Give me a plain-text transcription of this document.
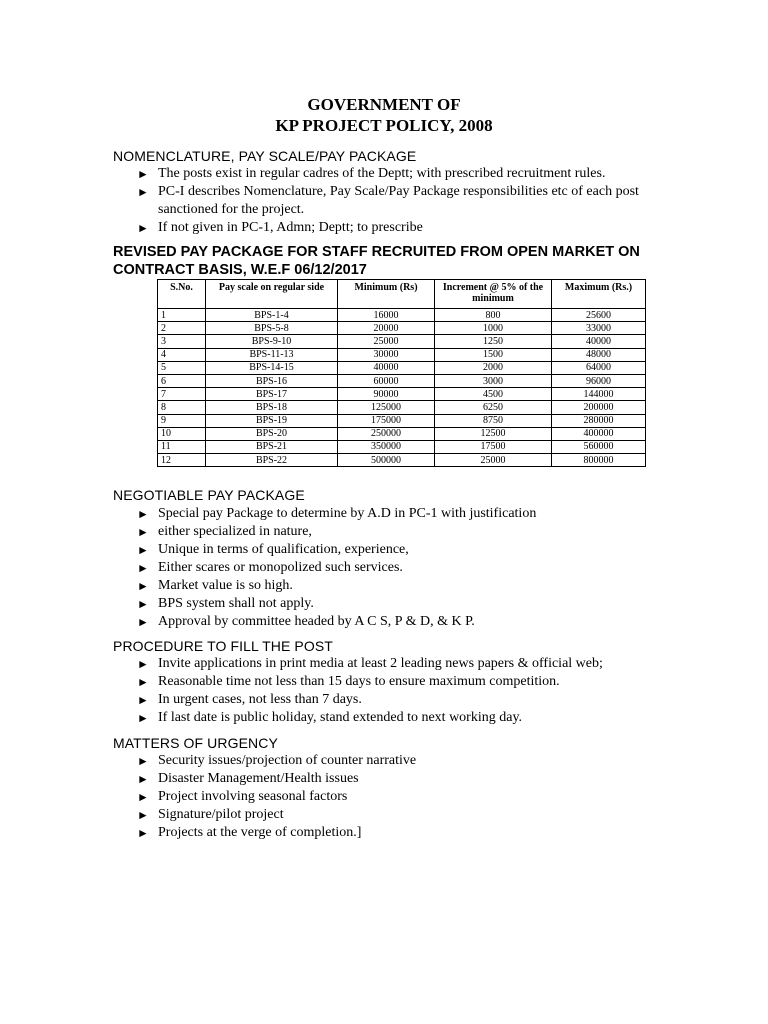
GOVERNMENT OF
KP PROJECT POLICY, 2008
NOMENCLATURE, PAY SCALE/PAY PACKAGE
► The posts exist in regular cadres of the Deptt; with prescribed recruitment rules.
► PC-I describes Nomenclature, Pay Scale/Pay Package responsibilities etc of each post sanctioned for the project.
► If not given in PC-1, Admn; Deptt; to prescribe
REVISED PAY PACKAGE FOR STAFF RECRUITED FROM OPEN MARKET ON CONTRACT BASIS, W.E.F 06/12/2017
S.No.	Pay scale on regular side	Minimum (Rs)	Increment @ 5% of the minimum	Maximum (Rs.)
1	BPS-1-4	16000	800	25600
2	BPS-5-8	20000	1000	33000
3	BPS-9-10	25000	1250	40000
4	BPS-11-13	30000	1500	48000
5	BPS-14-15	40000	2000	64000
6	BPS-16	60000	3000	96000
7	BPS-17	90000	4500	144000
8	BPS-18	125000	6250	200000
9	BPS-19	175000	8750	280000
10	BPS-20	250000	12500	400000
11	BPS-21	350000	17500	560000
12	BPS-22	500000	25000	800000
NEGOTIABLE PAY PACKAGE
► Special pay Package to determine by A.D in PC-1 with justification
► either specialized in nature,
► Unique in terms of qualification, experience,
► Either scares or monopolized such services.
► Market value is so high.
► BPS system shall not apply.
► Approval by committee headed by A C S, P & D, & K P.
PROCEDURE TO FILL THE POST
► Invite applications in print media at least 2 leading news papers & official web;
► Reasonable time not less than 15 days to ensure maximum competition.
► In urgent cases, not less than 7 days.
► If last date is public holiday, stand extended to next working day.
MATTERS OF URGENCY
► Security issues/projection of counter narrative
► Disaster Management/Health issues
► Project involving seasonal factors
► Signature/pilot project
► Projects at the verge of completion.]
